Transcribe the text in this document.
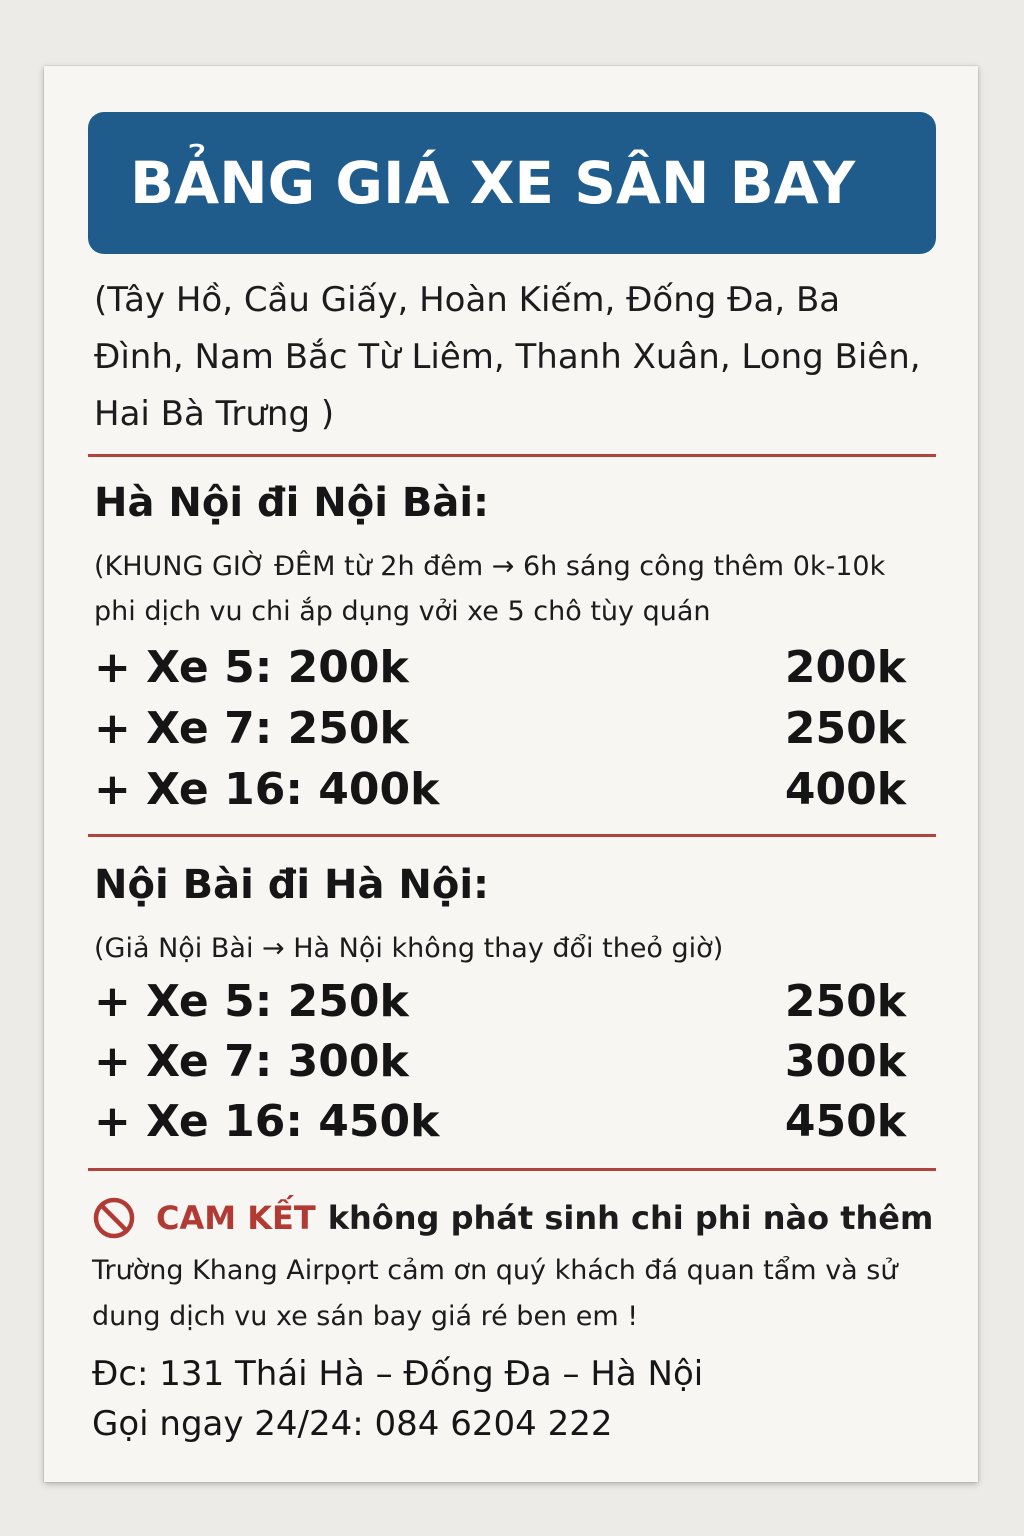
BẢNG GIÁ XE SÂN BAY
(Tây Hồ, Cầu Giấy, Hoàn Kiếm, Đống Đa, Ba Đình, Nam Bắc Từ Liêm, Thanh Xuân, Long Biên, Hai Bà Trưng )
Hà Nội đi Nội Bài:
(KHUNG GIỜ ĐÊM từ 2h đêm → 6h sáng công thêm 0k-10k phi dịch vu chi ắp dụng vởi xe 5 chô tùy quán
+ Xe 5: 200k	200k
+ Xe 7: 250k	250k
+ Xe 16: 400k	400k
Nội Bài đi Hà Nội:
(Giả Nội Bài → Hà Nội không thay đổi theỏ giờ)
+ Xe 5: 250k	250k
+ Xe 7: 300k	300k
+ Xe 16: 450k	450k
CAM KẾT không phát sinh chi phi nào thêm
Trường Khang Airpọrt cảm ơn quý khách đá quan tẩm và sử dung dịch vu xe sán bay giá ré ben em !
Đc: 131 Thái Hà – Đống Đa – Hà Nội
Gọi ngay 24/24: 084 6204 222
